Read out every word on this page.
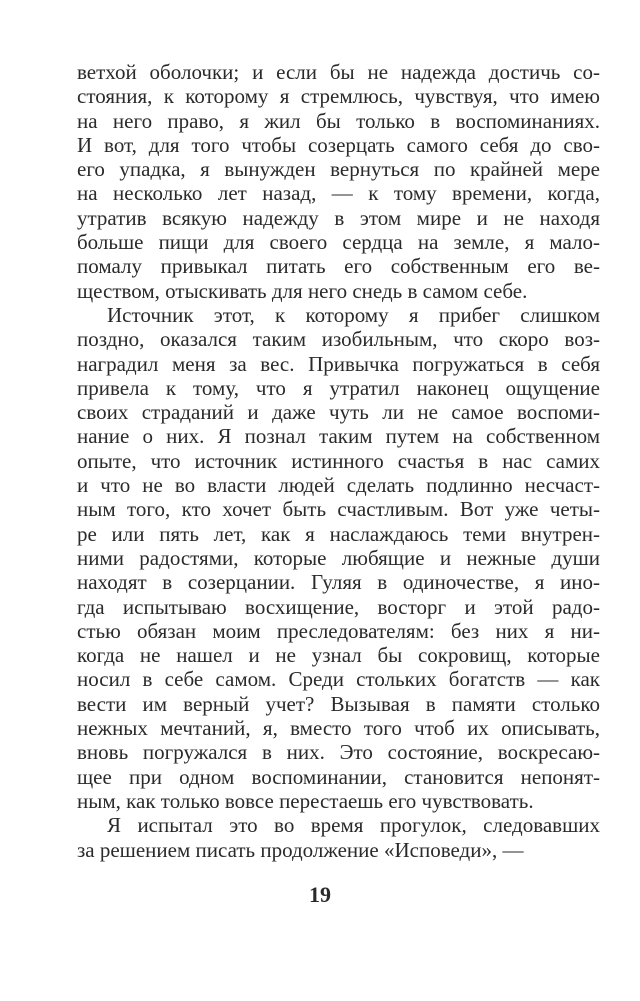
ветхой оболочки; и если бы не надежда достичь со-
стояния, к которому я стремлюсь, чувствуя, что имею
на него право, я жил бы только в воспоминаниях.
И вот, для того чтобы созерцать самого себя до сво-
его упадка, я вынужден вернуться по крайней мере
на несколько лет назад, — к тому времени, когда,
утратив всякую надежду в этом мире и не находя
больше пищи для своего сердца на земле, я мало-
помалу привыкал питать его собственным его ве-
ществом, отыскивать для него снедь в самом себе.
Источник этот, к которому я прибег слишком
поздно, оказался таким изобильным, что скоро воз-
наградил меня за вес. Привычка погружаться в себя
привела к тому, что я утратил наконец ощущение
своих страданий и даже чуть ли не самое воспоми-
нание о них. Я познал таким путем на собственном
опыте, что источник истинного счастья в нас самих
и что не во власти людей сделать подлинно несчаст-
ным того, кто хочет быть счастливым. Вот уже четы-
ре или пять лет, как я наслаждаюсь теми внутрен-
ними радостями, которые любящие и нежные души
находят в созерцании. Гуляя в одиночестве, я ино-
гда испытываю восхищение, восторг и этой радо-
стью обязан моим преследователям: без них я ни-
когда не нашел и не узнал бы сокровищ, которые
носил в себе самом. Среди стольких богатств — как
вести им верный учет? Вызывая в памяти столько
нежных мечтаний, я, вместо того чтоб их описывать,
вновь погружался в них. Это состояние, воскресаю-
щее при одном воспоминании, становится непонят-
ным, как только вовсе перестаешь его чувствовать.
Я испытал это во время прогулок, следовавших
за решением писать продолжение «Исповеди», —
19
